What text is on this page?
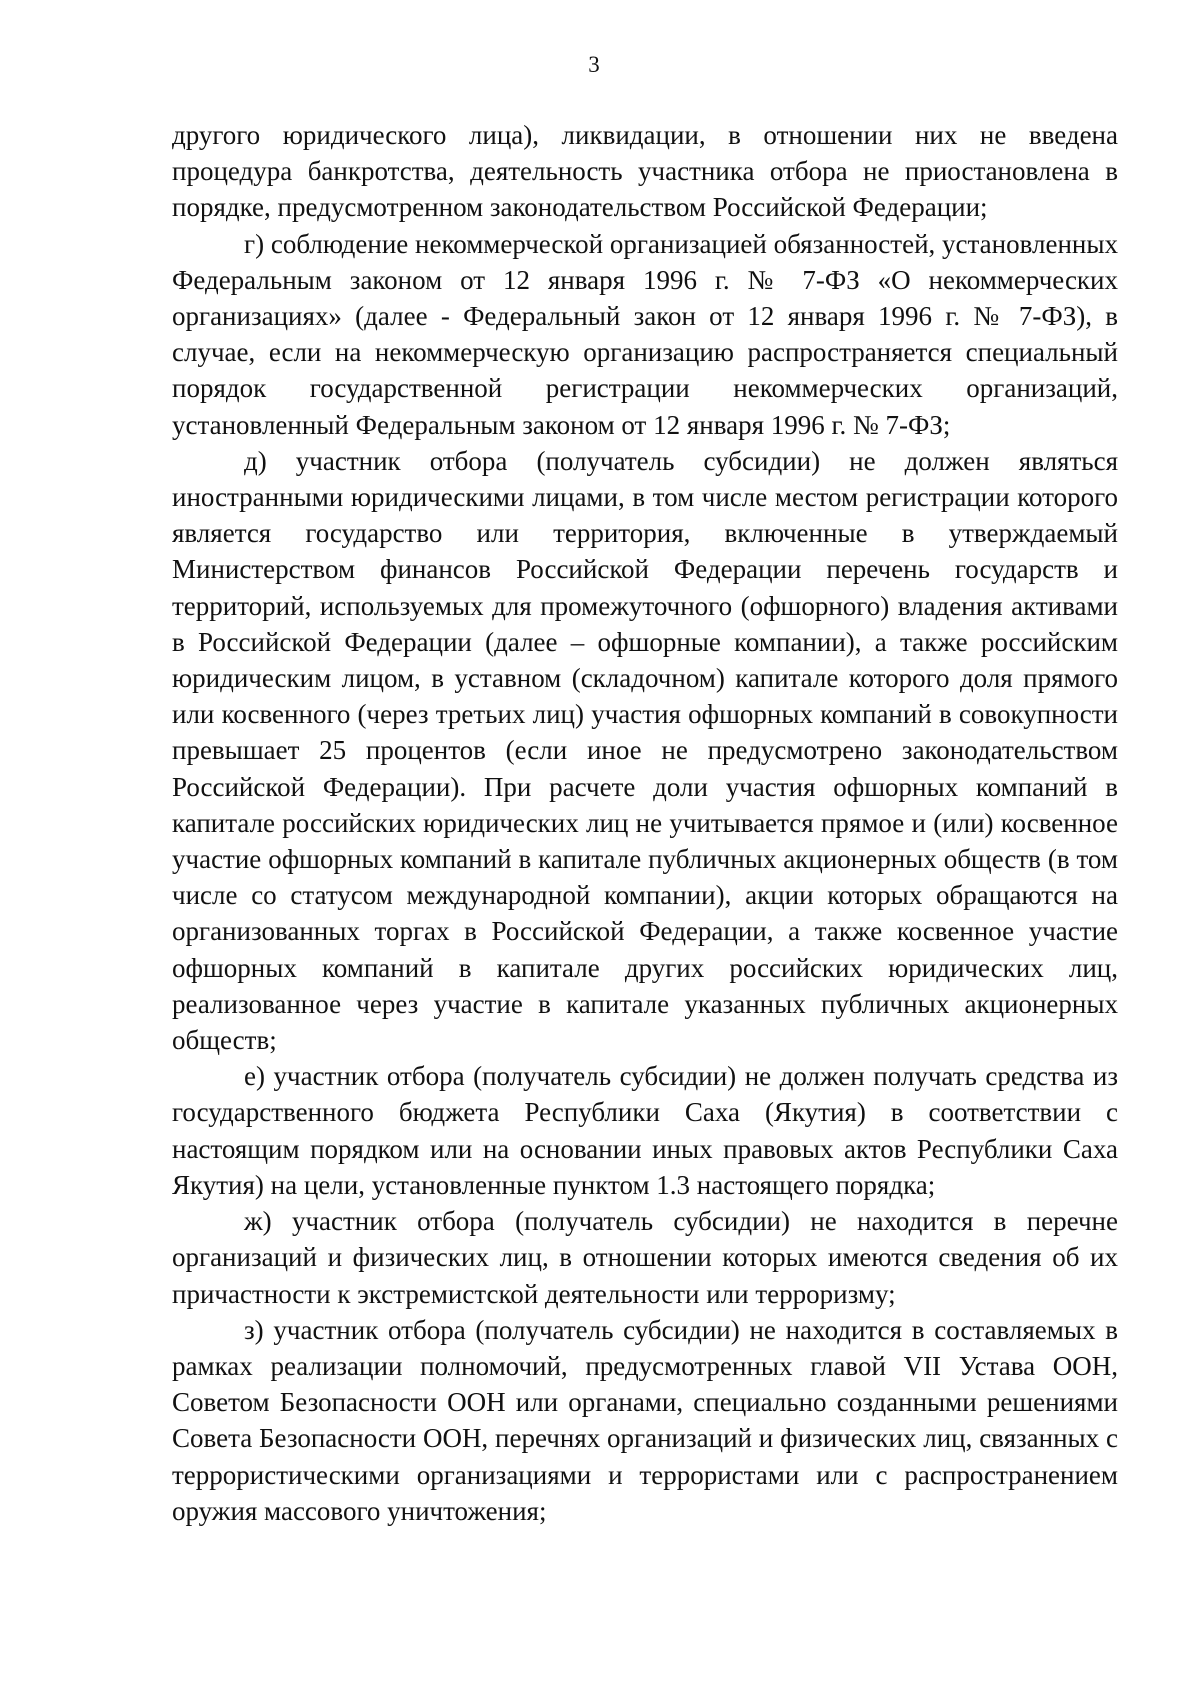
3

другого юридического лица), ликвидации, в отношении них не введена процедура банкротства, деятельность участника отбора не приостановлена в порядке, предусмотренном законодательством Российской Федерации;

г) соблюдение некоммерческой организацией обязанностей, установленных Федеральным законом от 12 января 1996 г. № 7-ФЗ «О некоммерческих организациях» (далее - Федеральный закон от 12 января 1996 г. № 7-ФЗ), в случае, если на некоммерческую организацию распространяется специальный порядок государственной регистрации некоммерческих организаций, установленный Федеральным законом от 12 января 1996 г. № 7-ФЗ;

д) участник отбора (получатель субсидии) не должен являться иностранными юридическими лицами, в том числе местом регистрации которого является государство или территория, включенные в утверждаемый Министерством финансов Российской Федерации перечень государств и территорий, используемых для промежуточного (офшорного) владения активами в Российской Федерации (далее – офшорные компании), а также российским юридическим лицом, в уставном (складочном) капитале которого доля прямого или косвенного (через третьих лиц) участия офшорных компаний в совокупности превышает 25 процентов (если иное не предусмотрено законодательством Российской Федерации). При расчете доли участия офшорных компаний в капитале российских юридических лиц не учитывается прямое и (или) косвенное участие офшорных компаний в капитале публичных акционерных обществ (в том числе со статусом международной компании), акции которых обращаются на организованных торгах в Российской Федерации, а также косвенное участие офшорных компаний в капитале других российских юридических лиц, реализованное через участие в капитале указанных публичных акционерных обществ;

е) участник отбора (получатель субсидии) не должен получать средства из государственного бюджета Республики Саха (Якутия) в соответствии с настоящим порядком или на основании иных правовых актов Республики Саха Якутия) на цели, установленные пунктом 1.3 настоящего порядка;

ж) участник отбора (получатель субсидии) не находится в перечне организаций и физических лиц, в отношении которых имеются сведения об их причастности к экстремистской деятельности или терроризму;

з) участник отбора (получатель субсидии) не находится в составляемых в рамках реализации полномочий, предусмотренных главой VII Устава ООН, Советом Безопасности ООН или органами, специально созданными решениями Совета Безопасности ООН, перечнях организаций и физических лиц, связанных с террористическими организациями и террористами или с распространением оружия массового уничтожения;
